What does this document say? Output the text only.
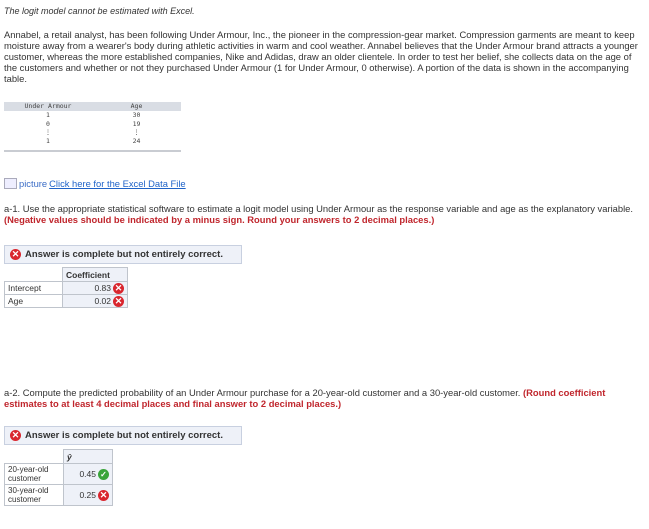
The logit model cannot be estimated with Excel.
Annabel, a retail analyst, has been following Under Armour, Inc., the pioneer in the compression-gear market. Compression garments are meant to keep moisture away from a wearer's body during athletic activities in warm and cool weather. Annabel believes that the Under Armour brand attracts a younger customer, whereas the more established companies, Nike and Adidas, draw an older clientele. In order to test her belief, she collects data on the age of the customers and whether or not they purchased Under Armour (1 for Under Armour, 0 otherwise). A portion of the data is shown in the accompanying table.
Under Armour	Age
1	30
0	19
⋮	⋮
1	24
picture Click here for the Excel Data File
a-1. Use the appropriate statistical software to estimate a logit model using Under Armour as the response variable and age as the explanatory variable. (Negative values should be indicated by a minus sign. Round your answers to 2 decimal places.)
✕ Answer is complete but not entirely correct.
	Coefficient
Intercept	0.83 ✕

Age	0.02 ✕
a-2. Compute the predicted probability of an Under Armour purchase for a 20-year-old customer and a 30-year-old customer. (Round coefficient estimates to at least 4 decimal places and final answer to 2 decimal places.)
✕ Answer is complete but not entirely correct.
	ŷ
20-year-old customer	0.45 ✓

30-year-old customer	0.25 ✕
